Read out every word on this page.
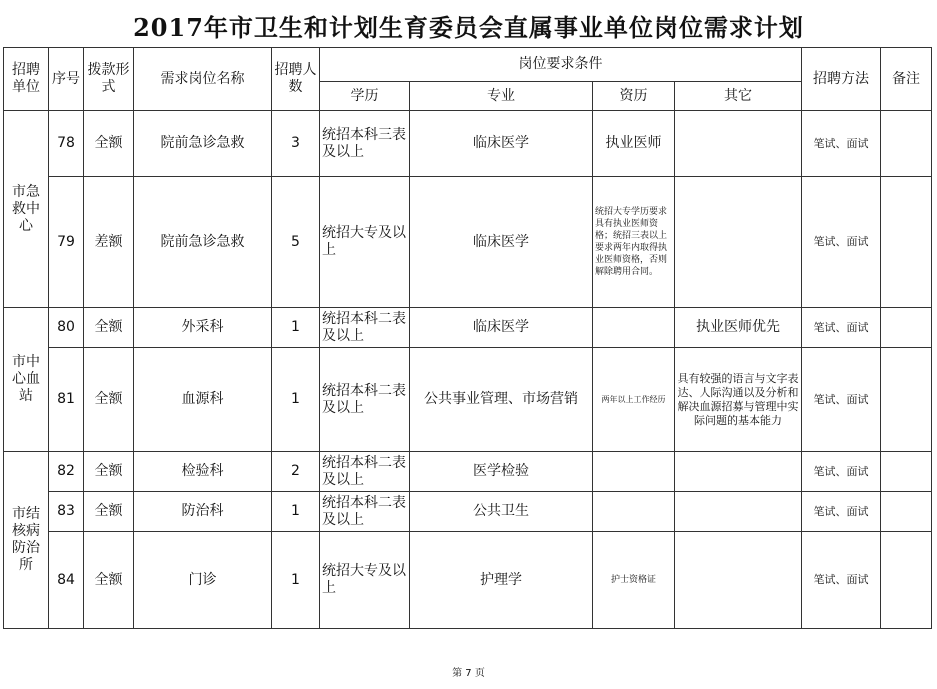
2017年市卫生和计划生育委员会直属事业单位岗位需求计划
招聘单位	序号	拨款形式	需求岗位名称	招聘人数	岗位要求条件				招聘方法	备注
					学历	专业	资历	其它		
市急救中心	78	全额	院前急诊急救	3	统招本科三表及以上	临床医学	执业医师		笔试、面试	
	79	差额	院前急诊急救	5	统招大专及以上	临床医学	统招大专学历要求具有执业医师资格；统招三表以上要求两年内取得执业医师资格，否则解除聘用合同。		笔试、面试	
市中心血站	80	全额	外采科	1	统招本科二表及以上	临床医学		执业医师优先	笔试、面试	
	81	全额	血源科	1	统招本科二表及以上	公共事业管理、市场营销	两年以上工作经历	具有较强的语言与文字表达、人际沟通以及分析和解决血源招募与管理中实际问题的基本能力	笔试、面试	
市结核病防治所	82	全额	检验科	2	统招本科二表及以上	医学检验			笔试、面试	
	83	全额	防治科	1	统招本科二表及以上	公共卫生			笔试、面试	
	84	全额	门诊	1	统招大专及以上	护理学	护士资格证		笔试、面试	
第 7 页
